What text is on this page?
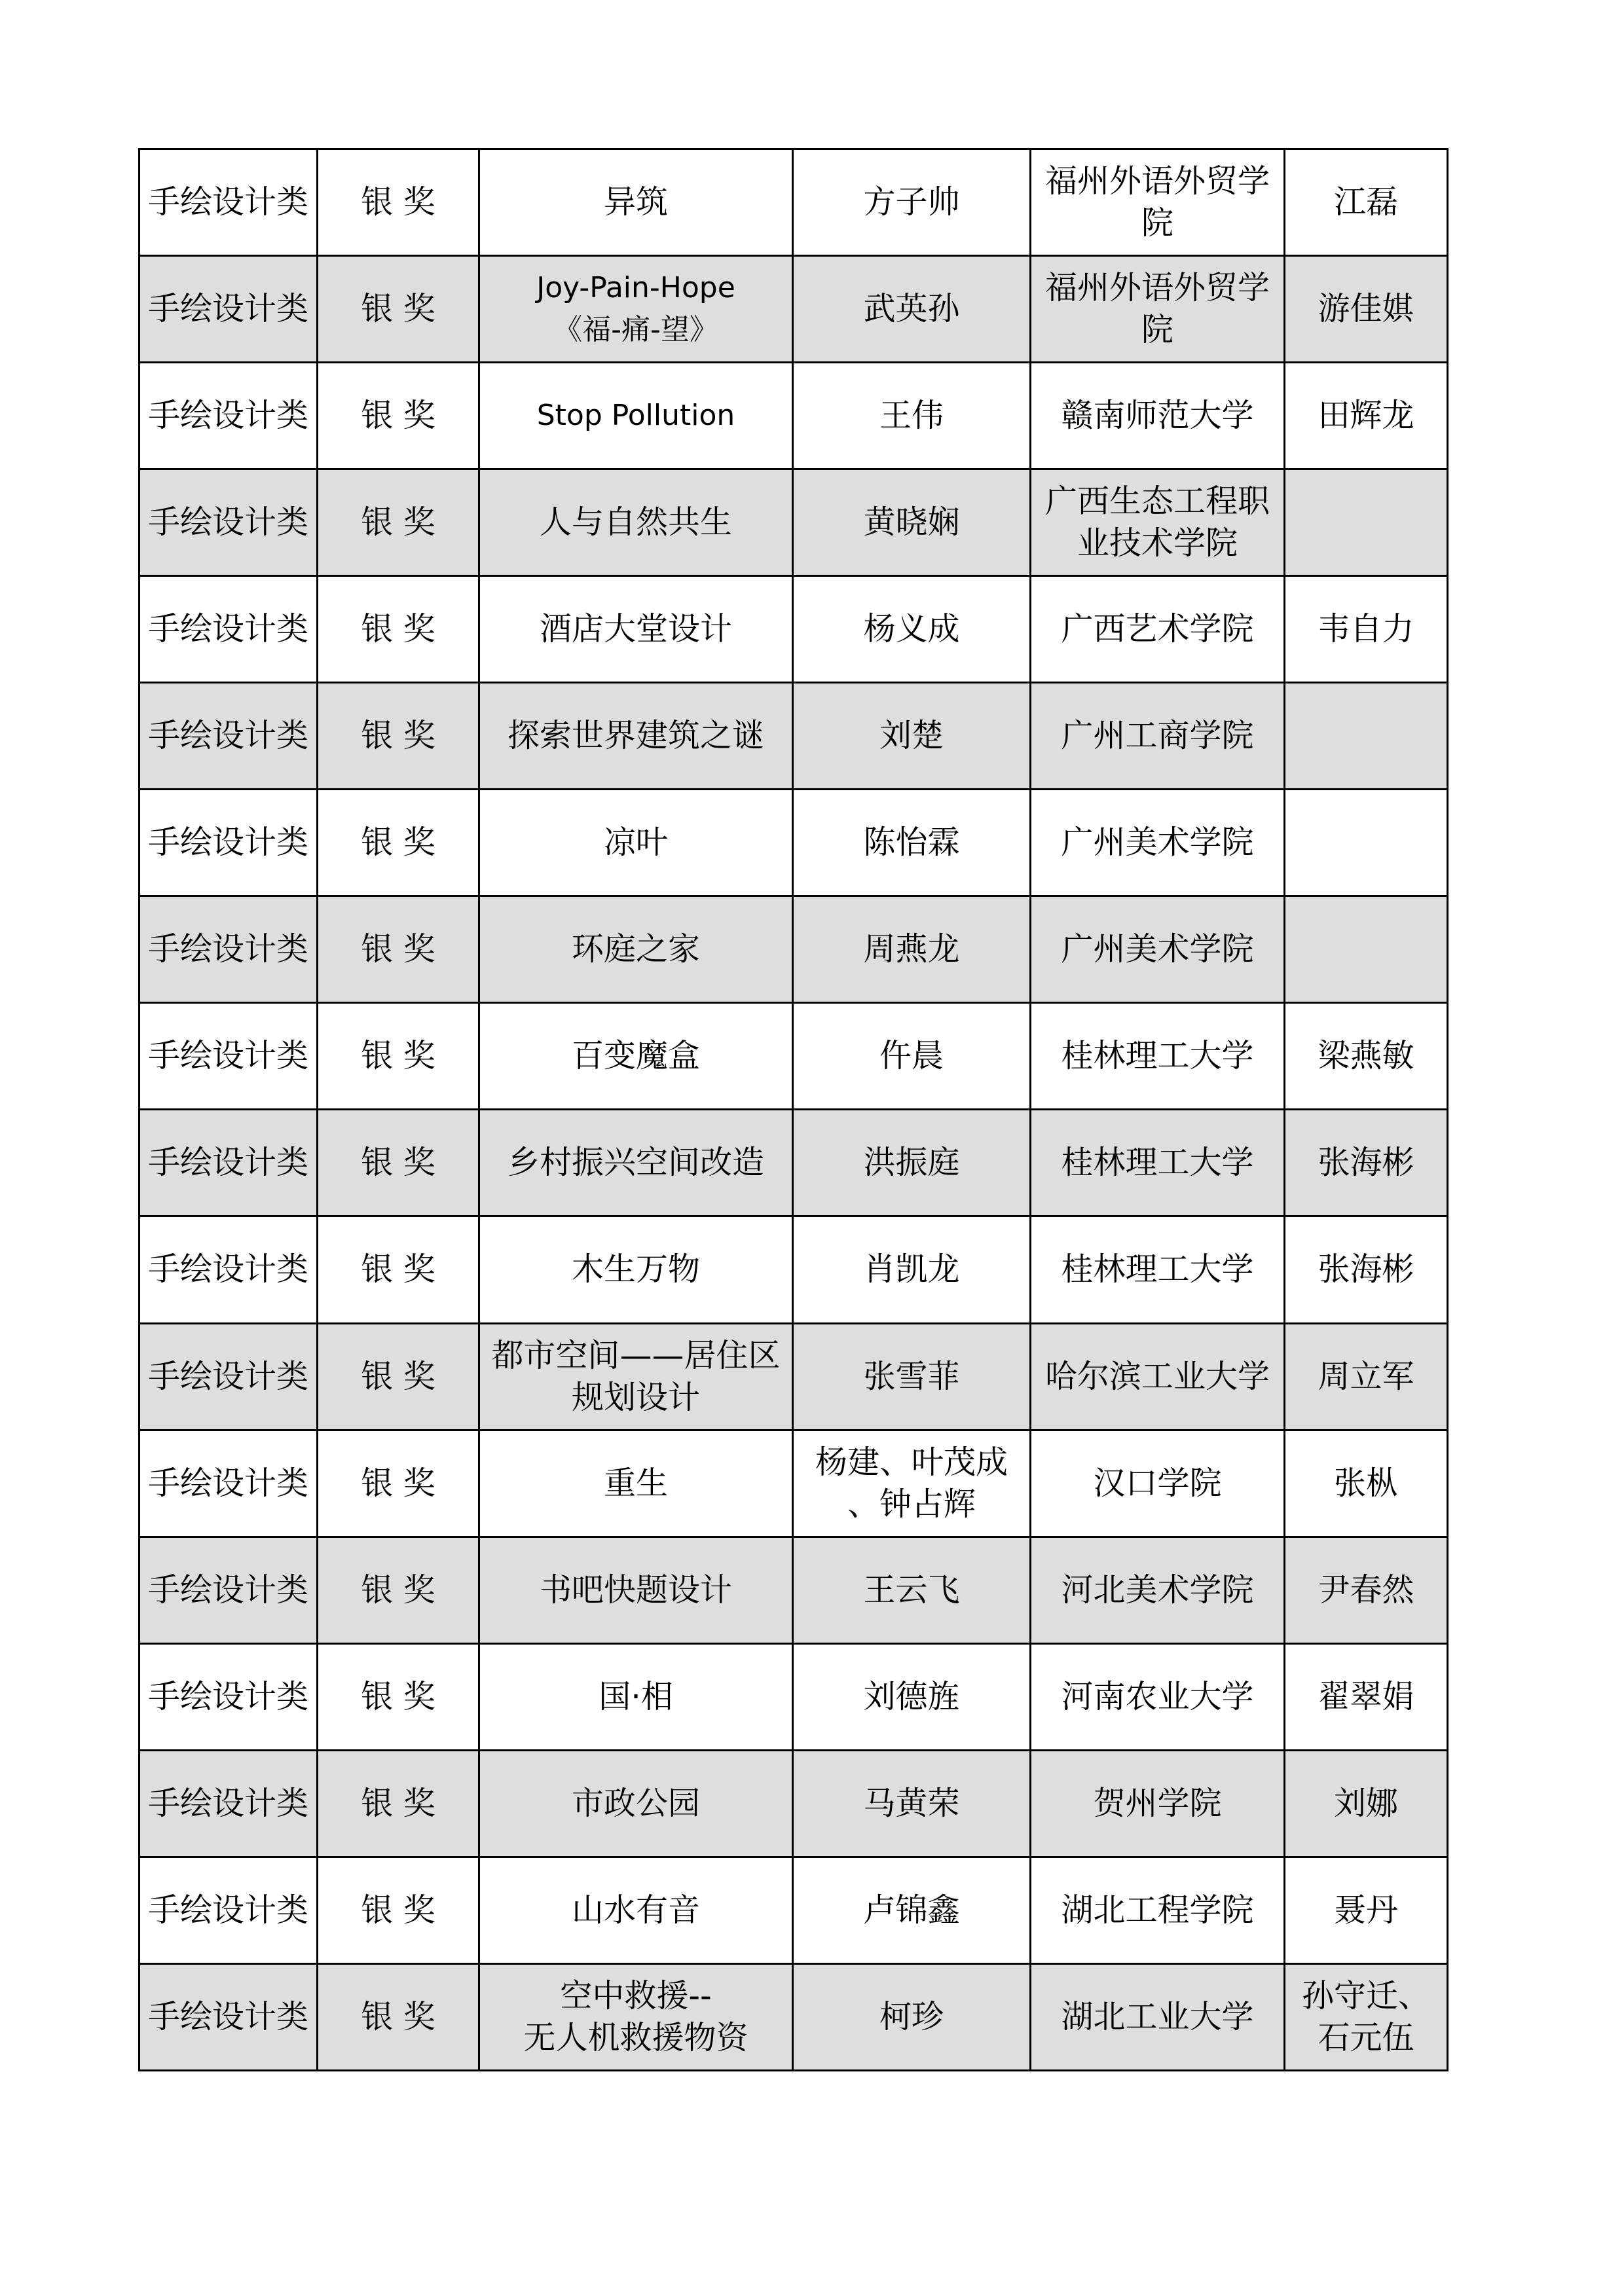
手绘设计类	银 奖	异筑	方子帅	福州外语外贸学
院	江磊

手绘设计类	银 奖	Joy-Pain-Hope
《福-痛-望》	武英孙	福州外语外贸学
院	游佳娸

手绘设计类	银 奖	Stop Pollution	王伟	赣南师范大学	田辉龙

手绘设计类	银 奖	人与自然共生	黄晓娴	广西生态工程职
业技术学院	

手绘设计类	银 奖	酒店大堂设计	杨义成	广西艺术学院	韦自力

手绘设计类	银 奖	探索世界建筑之谜	刘楚	广州工商学院	

手绘设计类	银 奖	凉叶	陈怡霖	广州美术学院	

手绘设计类	银 奖	环庭之家	周燕龙	广州美术学院	

手绘设计类	银 奖	百变魔盒	仵晨	桂林理工大学	梁燕敏

手绘设计类	银 奖	乡村振兴空间改造	洪振庭	桂林理工大学	张海彬

手绘设计类	银 奖	木生万物	肖凯龙	桂林理工大学	张海彬

手绘设计类	银 奖	都市空间——居住区
规划设计	张雪菲	哈尔滨工业大学	周立军

手绘设计类	银 奖	重生	杨建、叶茂成
、钟占辉	汉口学院	张枞

手绘设计类	银 奖	书吧快题设计	王云飞	河北美术学院	尹春然

手绘设计类	银 奖	国·相	刘德旌	河南农业大学	翟翠娟

手绘设计类	银 奖	市政公园	马黄荣	贺州学院	刘娜

手绘设计类	银 奖	山水有音	卢锦鑫	湖北工程学院	聂丹

手绘设计类	银 奖	空中救援--
无人机救援物资	柯珍	湖北工业大学	孙守迁、
石元伍
